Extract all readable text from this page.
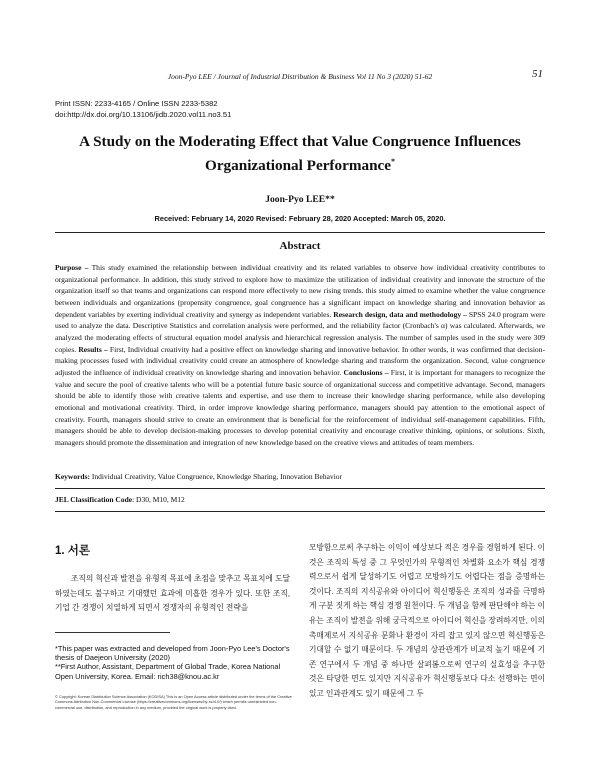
Joon-Pyo LEE / Journal of Industrial Distribution & Business Vol 11 No 3 (2020) 51-62	51
Print ISSN: 2233-4165 / Online ISSN 2233-5382
doi:http://dx.doi.org/10.13106/jidb.2020.vol11.no3.51
A Study on the Moderating Effect that Value Congruence Influences
Organizational Performance*
Joon-Pyo LEE**
Received: February 14, 2020 Revised: February 28, 2020 Accepted: March 05, 2020.
Abstract
Purpose – This study examined the relationship between individual creativity and its related variables to observe how individual creativity contributes to organizational performance. In addition, this study strived to explore how to maximize the utilization of individual creativity and innovate the structure of the organization itself so that teams and organizations can respond more effectively to new rising trends. this study aimed to examine whether the value congruence between individuals and organizations (propensity congruence, goal congruence has a significant impact on knowledge sharing and innovation behavior as dependent variables by exerting individual creativity and synergy as independent variables. Research design, data and methodology – SPSS 24.0 program were used to analyze the data. Descriptive Statistics and correlation analysis were performed, and the reliability factor (Cronbach's α) was calculated. Afterwards, we analyzed the moderating effects of structural equation model analysis and hierarchical regression analysis. The number of samples used in the study were 309 copies. Results – First, Individual creativity had a positive effect on knowledge sharing and innovative behavior. In other words, it was confirmed that decision-making processes fused with individual creativity could create an atmosphere of knowledge sharing and transform the organization. Second, value congruence adjusted the influence of individual creativity on knowledge sharing and innovation behavior. Conclusions – First, it is important for managers to recognize the value and secure the pool of creative talents who will be a potential future basic source of organizational success and competitive advantage. Second, managers should be able to identify those with creative talents and expertise, and use them to increase their knowledge sharing performance, while also developing emotional and motivational creativity. Third, in order improve knowledge sharing performance, managers should pay attention to the emotional aspect of creativity. Fourth, managers should strive to create an environment that is beneficial for the reinforcement of individual self-management capabilities. Fifth, managers should be able to develop decision-making processes to develop potential creativity and encourage creative thinking, opinions, or solutions. Sixth, managers should promote the dissemination and integration of new knowledge based on the creative views and attitudes of team members.
Keywords: Individual Creativity, Value Congruence, Knowledge Sharing, Innovation Behavior
JEL Classification Code: D30, M10, M12
1. 서론
조직의 혁신과 발전을 유형적 목표에 초점을 맞추고 목표치에 도달하였는데도 불구하고 기대했던 효과에 미흡한 경우가 있다. 또한 조직, 기업 간 경쟁이 치열하게 되면서 경쟁자의 유형적인 전략을
모방함으로써 추구하는 이익이 예상보다 적은 경우를 경험하게 된다. 이것은 조직의 특성 중 그 무엇인가의 무형적인 차별화 요소가 핵심 경쟁력으로서 쉽게 달성하기도 어렵고 모방하기도 어렵다는 점을 증명하는 것이다. 조직의 지식공유와 아이디어 혁신행동은 조직의 성과를 극명하게 구분 짓게 하는 핵심 경쟁 원천이다. 두 개념을 함께 판단해야 하는 이유는 조직이 발전을 위해 궁극적으로 아이디어 혁신을 장려하지만, 이의 촉매제로서 지식공유 문화나 환경이 자리 잡고 있지 않으면 혁신행동은 기대할 수 없기 때문이다. 두 개념의 상관관계가 비교적 높기 때문에 기존 연구에서 두 개념 중 하나만 살펴봄으로써 연구의 실효성을 추구한 것은 타당한 면도 있지만 지식공유가 혁신행동보다 다소 선행하는 면이 있고 인과관계도 있기 때문에 그 두
*This paper was extracted and developed from Joon-Pyo Lee's Doctor's thesis of Daejeon University (2020)
**First Author, Assistant, Department of Global Trade, Korea National Open University, Korea. Email: rich38@knou.ac.kr
© Copyright: Korean Distribution Science Association (KODISA) This is an Open Access article distributed under the terms of the Creative Commons Attribution Non-Commercial License (https://creativecommons.org/licenses/by-nc/4.0/) which permits unrestricted non-commercial use, distribution, and reproduction in any medium, provided the original work is properly cited.
